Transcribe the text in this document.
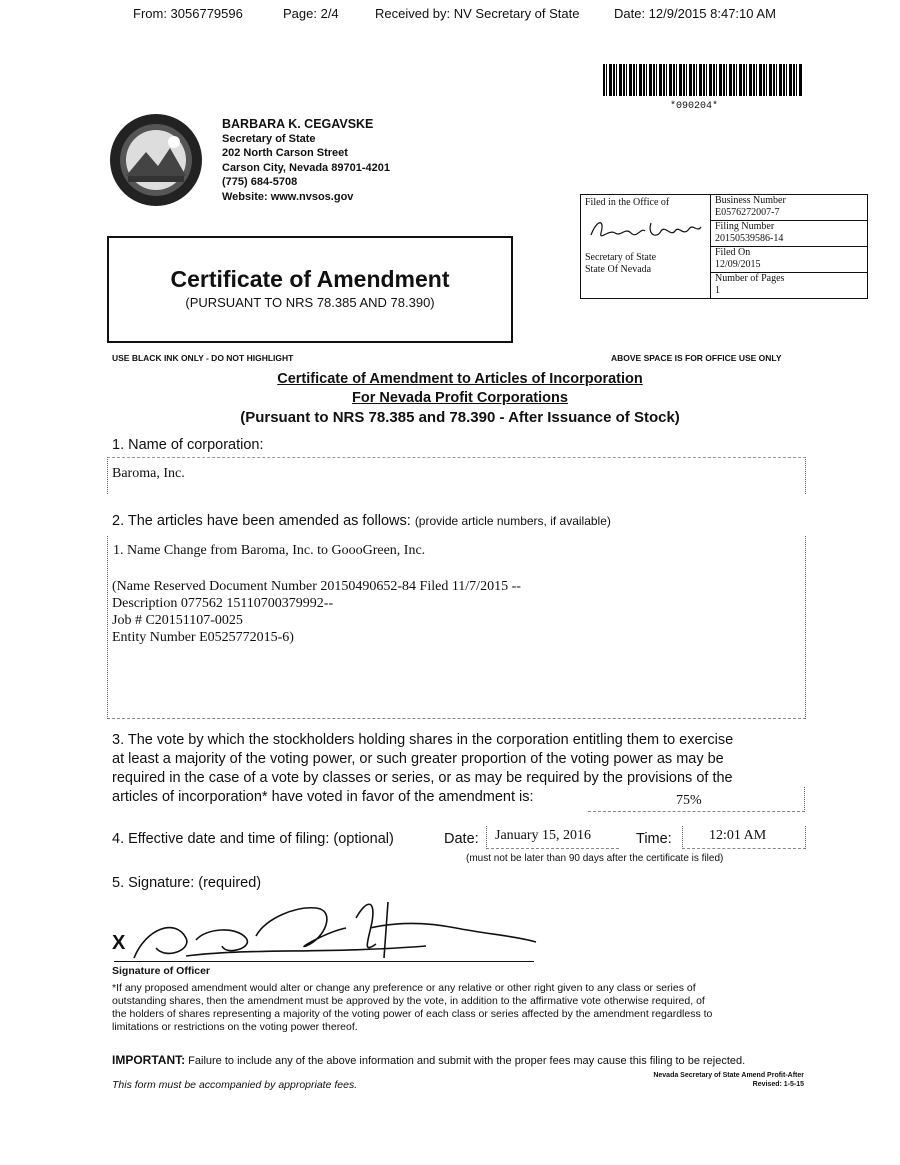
From: 3056779596	Page: 2/4	Received by: NV Secretary of State	Date: 12/9/2015 8:47:10 AM
*090204*
BARBARA K. CEGAVSKE
Secretary of State
202 North Carson Street
Carson City, Nevada 89701-4201
(775) 684-5708
Website: www.nvsos.gov	Filed in the Office of
Secretary of State
State Of Nevada
Business Number
E0576272007-7
Filing Number
20150539586-14
Filed On
12/09/2015
Number of Pages
1
Certificate of Amendment
(PURSUANT TO NRS 78.385 AND 78.390)
USE BLACK INK ONLY - DO NOT HIGHLIGHT	ABOVE SPACE IS FOR OFFICE USE ONLY
Certificate of Amendment to Articles of Incorporation
For Nevada Profit Corporations
(Pursuant to NRS 78.385 and 78.390 - After Issuance of Stock)
1. Name of corporation:
Baroma, Inc.
2. The articles have been amended as follows: (provide article numbers, if available)
1. Name Change from Baroma, Inc. to GoooGreen, Inc.
(Name Reserved Document Number 20150490652-84 Filed 11/7/2015 --
Description 077562 15110700379992--
Job # C20151107-0025
Entity Number E0525772015-6)
3. The vote by which the stockholders holding shares in the corporation entitling them to exercise
at least a majority of the voting power, or such greater proportion of the voting power as may be
required in the case of a vote by classes or series, or as may be required by the provisions of the
articles of incorporation* have voted in favor of the amendment is:	75%
4. Effective date and time of filing: (optional)	Date: January 15, 2016	Time:	12:01 AM
(must not be later than 90 days after the certificate is filed)
5. Signature: (required)
X
Signature of Officer
*If any proposed amendment would alter or change any preference or any relative or other right given to any class or series of
outstanding shares, then the amendment must be approved by the vote, in addition to the affirmative vote otherwise required, of
the holders of shares representing a majority of the voting power of each class or series affected by the amendment regardless to
limitations or restrictions on the voting power thereof.
IMPORTANT: Failure to include any of the above information and submit with the proper fees may cause this filing to be rejected.
This form must be accompanied by appropriate fees.
Nevada Secretary of State Amend Profit-After
Revised: 1-5-15
